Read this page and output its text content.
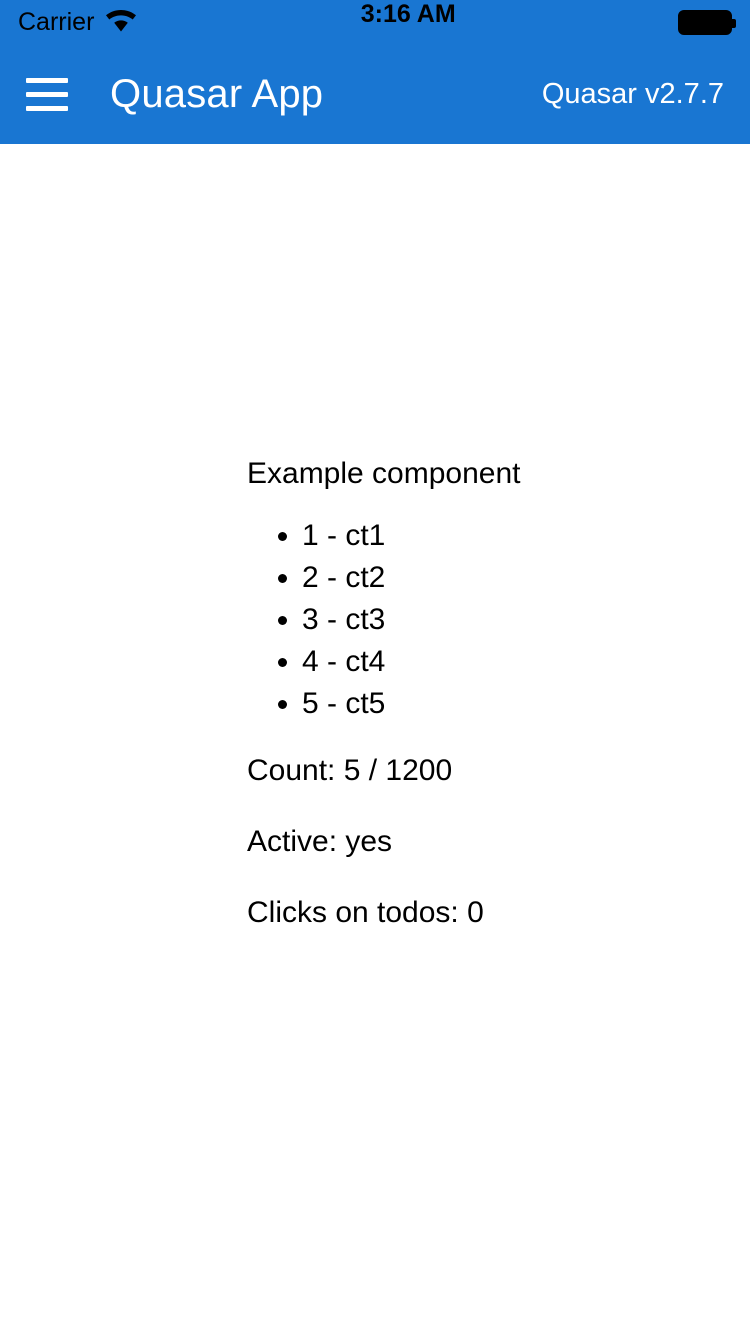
Carrier	3:16 AM
Quasar App	Quasar v2.7.7
Example component
• 1 - ct1
• 2 - ct2
• 3 - ct3
• 4 - ct4
• 5 - ct5
Count: 5 / 1200
Active: yes
Clicks on todos: 0
